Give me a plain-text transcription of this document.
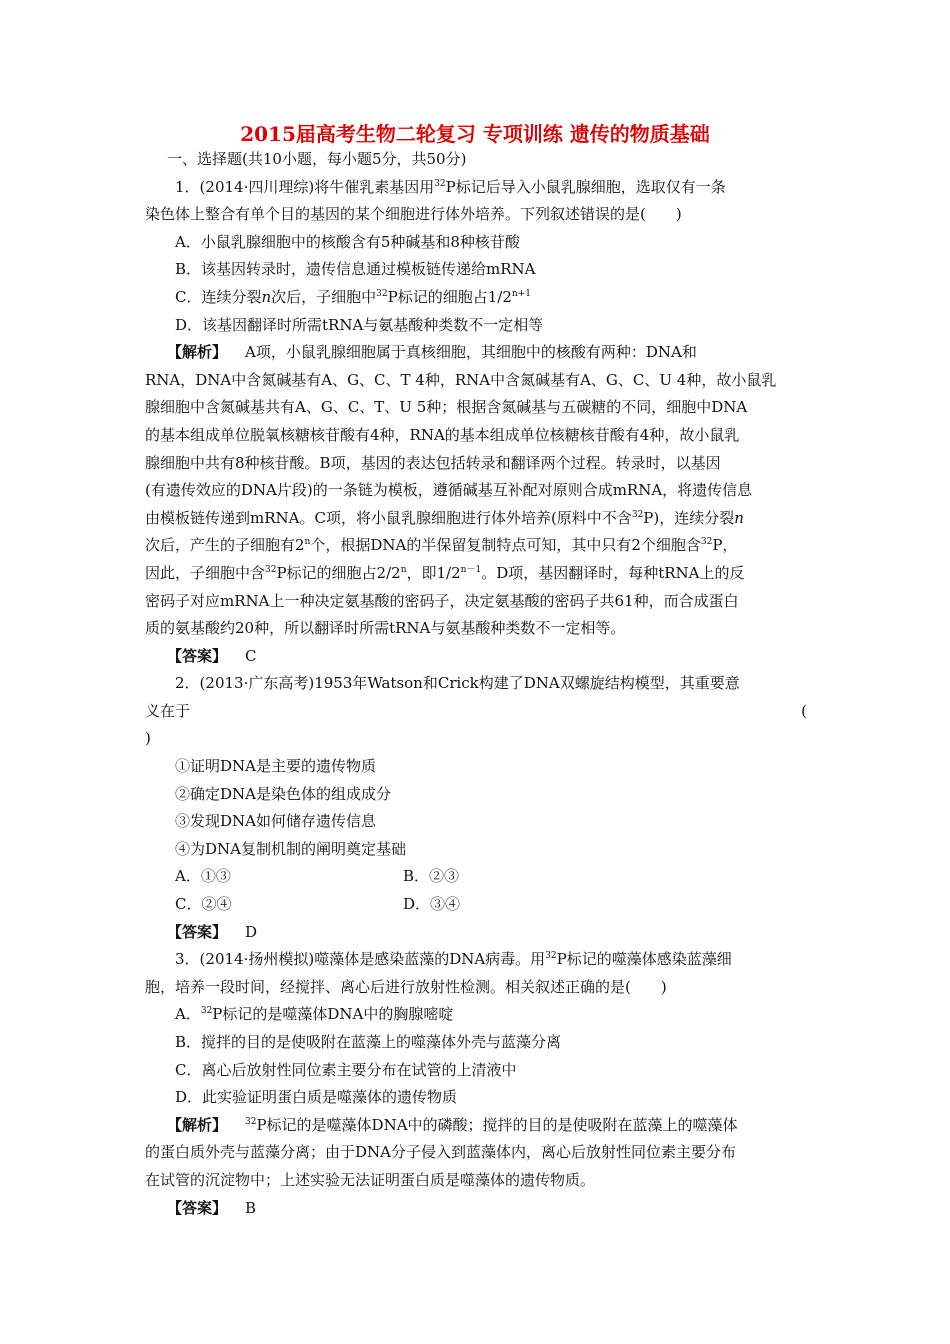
2015届高考生物二轮复习 专项训练 遗传的物质基础
一、选择题(共10小题，每小题5分，共50分)
1．(2014·四川理综)将牛催乳素基因用$^{32}$P标记后导入小鼠乳腺细胞，选取仅有一条
染色体上整合有单个目的基因的某个细胞进行体外培养。下列叙述错误的是(　　)
A．小鼠乳腺细胞中的核酸含有5种碱基和8种核苷酸
B．该基因转录时，遗传信息通过模板链传递给mRNA
C．连续分裂n次后，子细胞中$^{32}$P标记的细胞占$1/2^{n+1}$
D．该基因翻译时所需tRNA与氨基酸种类数不一定相等
【解析】 A项，小鼠乳腺细胞属于真核细胞，其细胞中的核酸有两种：DNA和
RNA，DNA中含氮碱基有A、G、C、T 4种，RNA中含氮碱基有A、G、C、U 4种，故小鼠乳
腺细胞中含氮碱基共有A、G、C、T、U 5种；根据含氮碱基与五碳糖的不同，细胞中DNA
的基本组成单位脱氧核糖核苷酸有4种，RNA的基本组成单位核糖核苷酸有4种，故小鼠乳
腺细胞中共有8种核苷酸。B项，基因的表达包括转录和翻译两个过程。转录时，以基因
(有遗传效应的DNA片段)的一条链为模板，遵循碱基互补配对原则合成mRNA，将遗传信息
由模板链传递到mRNA。C项，将小鼠乳腺细胞进行体外培养(原料中不含$^{32}$P)，连续分裂n
次后，产生的子细胞有2$^n$个，根据DNA的半保留复制特点可知，其中只有2个细胞含$^{32}$P，
因此，子细胞中含$^{32}$P标记的细胞占2/2$^n$，即$1/2^{n-1}$。D项，基因翻译时，每种tRNA上的反
密码子对应mRNA上一种决定氨基酸的密码子，决定氨基酸的密码子共61种，而合成蛋白
质的氨基酸约20种，所以翻译时所需tRNA与氨基酸种类数不一定相等。
【答案】 C
2．(2013·广东高考)1953年Watson和Crick构建了DNA双螺旋结构模型，其重要意
义在于	(
)
①证明DNA是主要的遗传物质
②确定DNA是染色体的组成成分
③发现DNA如何储存遗传信息
④为DNA复制机制的阐明奠定基础
A．①③	B．②③
C．②④	D．③④
【答案】 D
3．(2014·扬州模拟)噬藻体是感染蓝藻的DNA病毒。用$^{32}$P标记的噬藻体感染蓝藻细
胞，培养一段时间，经搅拌、离心后进行放射性检测。相关叙述正确的是(　　)
A．$^{32}$P标记的是噬藻体DNA中的胸腺嘧啶
B．搅拌的目的是使吸附在蓝藻上的噬藻体外壳与蓝藻分离
C．离心后放射性同位素主要分布在试管的上清液中
D．此实验证明蛋白质是噬藻体的遗传物质
【解析】 $^{32}$P标记的是噬藻体DNA中的磷酸；搅拌的目的是使吸附在蓝藻上的噬藻体
的蛋白质外壳与蓝藻分离；由于DNA分子侵入到蓝藻体内，离心后放射性同位素主要分布
在试管的沉淀物中；上述实验无法证明蛋白质是噬藻体的遗传物质。
【答案】 B
